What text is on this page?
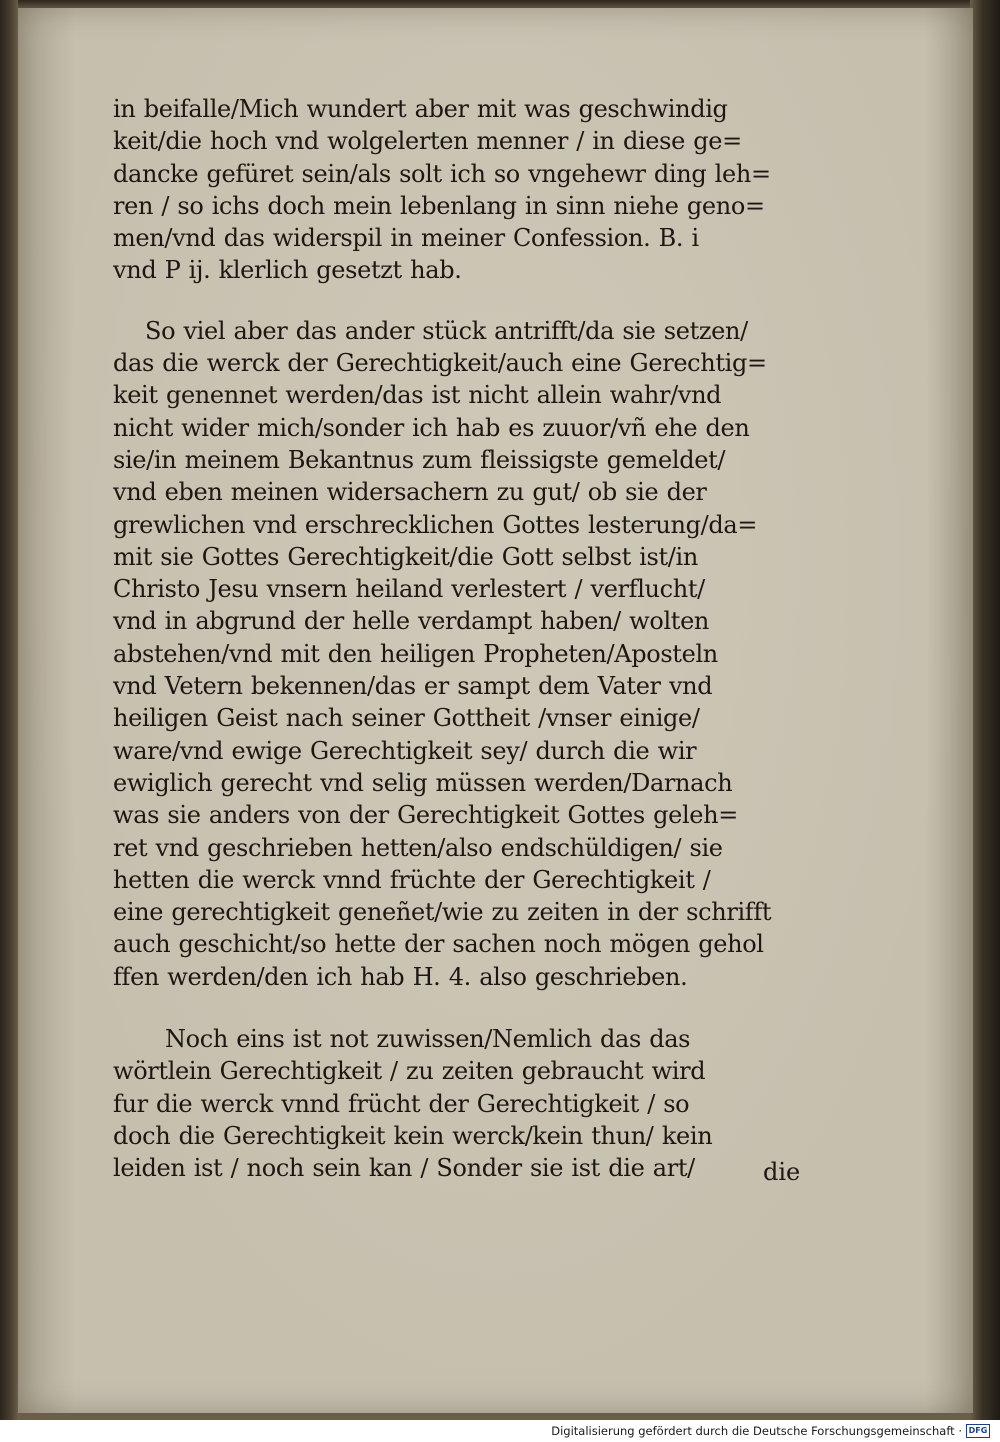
in beifalle/Mich wundert aber mit was geschwindig
keit/die hoch vnd wolgelerten menner / in diese ge=
dancke gefüret sein/als solt ich so vngehewr ding leh=
ren / so ichs doch mein lebenlang in sinn niehe geno=
men/vnd das widerspil in meiner Confession. B. i
vnd P ij. klerlich gesetzt hab.

So viel aber das ander stück antrifft/da sie setzen/
das die werck der Gerechtigkeit/auch eine Gerechtig=
keit genennet werden/das ist nicht allein wahr/vnd
nicht wider mich/sonder ich hab es zuuor/vñ ehe den
sie/in meinem Bekantnus zum fleissigste gemeldet/
vnd eben meinen widersachern zu gut/ ob sie der
grewlichen vnd erschrecklichen Gottes lesterung/da=
mit sie Gottes Gerechtigkeit/die Gott selbst ist/in
Christo Jesu vnsern heiland verlestert / verflucht/
vnd in abgrund der helle verdampt haben/ wolten
abstehen/vnd mit den heiligen Propheten/Aposteln
vnd Vetern bekennen/das er sampt dem Vater vnd
heiligen Geist nach seiner Gottheit /vnser einige/
ware/vnd ewige Gerechtigkeit sey/ durch die wir
ewiglich gerecht vnd selig müssen werden/Darnach
was sie anders von der Gerechtigkeit Gottes geleh=
ret vnd geschrieben hetten/also endschüldigen/ sie
hetten die werck vnnd früchte der Gerechtigkeit /
eine gerechtigkeit geneñet/wie zu zeiten in der schrifft
auch geschicht/so hette der sachen noch mögen gehol
ffen werden/den ich hab H. 4. also geschrieben.

Noch eins ist not zuwissen/Nemlich das das
wörtlein Gerechtigkeit / zu zeiten gebraucht wird
fur die werck vnnd frücht der Gerechtigkeit / so
doch die Gerechtigkeit kein werck/kein thun/ kein
leiden ist / noch sein kan / Sonder sie ist die art/	die
Digitalisierung gefördert durch die Deutsche Forschungsgemeinschaft · DFG
